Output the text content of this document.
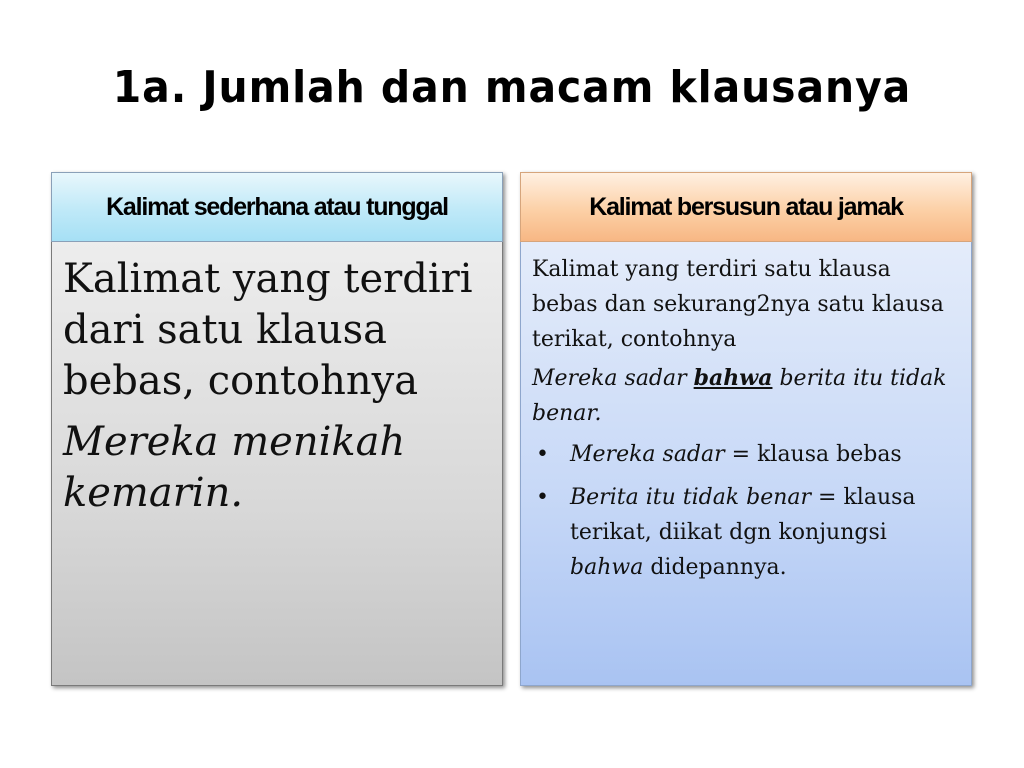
1a. Jumlah dan macam klausanya
Kalimat sederhana atau tunggal

Kalimat yang terdiri dari satu klausa bebas, contohnya

Mereka menikah kemarin.

Kalimat bersusun atau jamak

Kalimat yang terdiri satu klausa bebas dan sekurang2nya satu klausa terikat, contohnya

Mereka sadar bahwa berita itu tidak benar.

• Mereka sadar = klausa bebas
• Berita itu tidak benar = klausa terikat, diikat dgn konjungsi bahwa didepannya.
